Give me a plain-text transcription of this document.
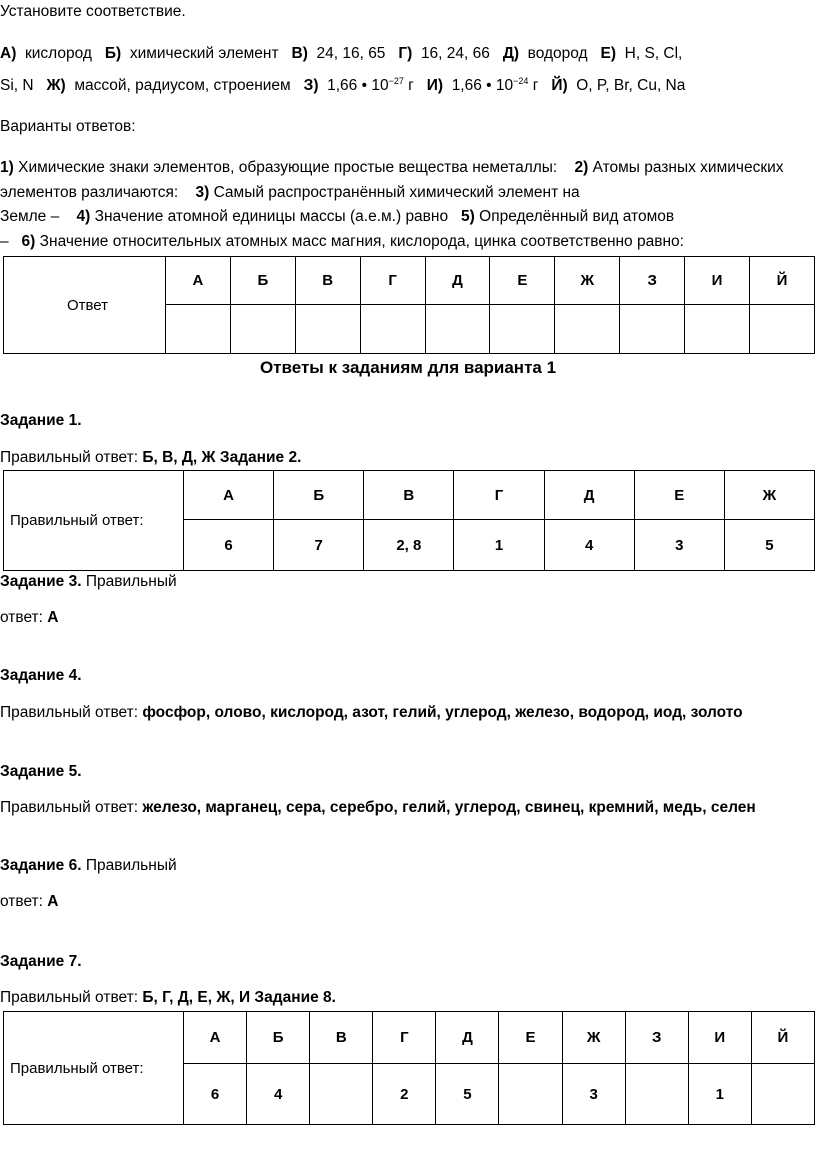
Установите соответствие.
А) кислород Б) химический элемент В) 24, 16, 65 Г) 16, 24, 66 Д) водород Е) H, S, Cl,
Si, N Ж) массой, радиусом, строением З) 1,66 • $10^{-27}$ г И) 1,66 • $10^{-24}$ г Й) O, P, Br, Cu, Na
Варианты ответов:
1) Химические знаки элементов, образующие простые вещества неметаллы: 2) Атомы разных химических
элементов различаются: 3) Самый распространённый химический элемент на
Земле – 4) Значение атомной единицы массы (а.е.м.) равно 5) Определённый вид атомов
– 6) Значение относительных атомных масс магния, кислорода, цинка соответственно равно:
Ответ	А	Б	В	Г	Д	Е	Ж	З	И	Й

Ответы к заданиям для варианта 1
Задание 1.
Правильный ответ: Б, В, Д, Ж Задание 2.
Правильный ответ:	А	Б	В	Г	Д	Е	Ж
	6	7	2, 8	1	4	3	5
Задание 3. Правильный
ответ: А
Задание 4.
Правильный ответ: фосфор, олово, кислород, азот, гелий, углерод, железо, водород, иод, золото
Задание 5.
Правильный ответ: железо, марганец, сера, серебро, гелий, углерод, свинец, кремний, медь, селен
Задание 6. Правильный
ответ: А
Задание 7.
Правильный ответ: Б, Г, Д, Е, Ж, И Задание 8.
Правильный ответ:	А	Б	В	Г	Д	Е	Ж	З	И	Й
	6	4		2	5		3		1	
